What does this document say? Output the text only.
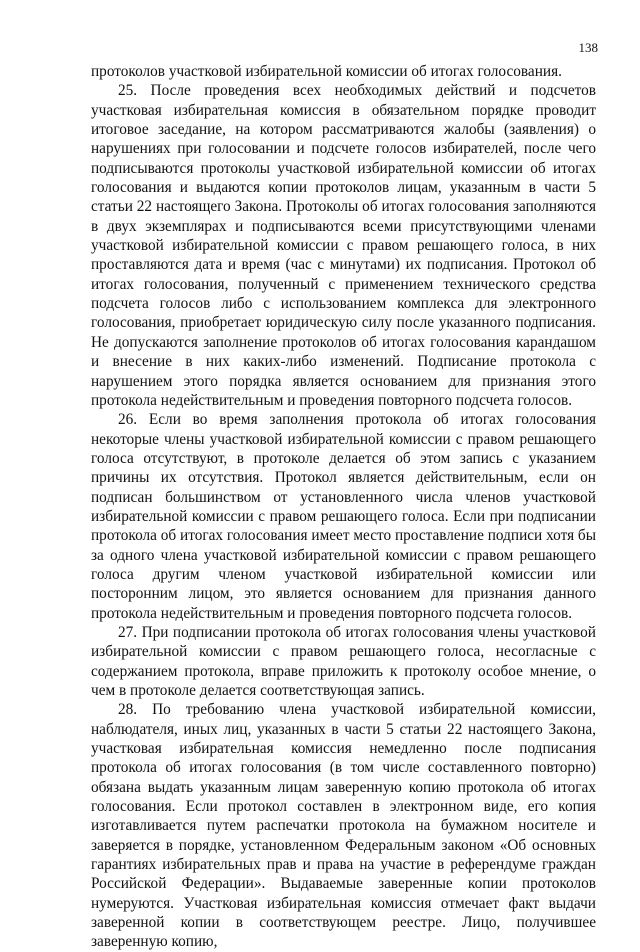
138

протоколов участковой избирательной комиссии об итогах голосования.

25. После проведения всех необходимых действий и подсчетов участковая избирательная комиссия в обязательном порядке проводит итоговое заседание, на котором рассматриваются жалобы (заявления) о нарушениях при голосовании и подсчете голосов избирателей, после чего подписываются протоколы участковой избирательной комиссии об итогах голосования и выдаются копии протоколов лицам, указанным в части 5 статьи 22 настоящего Закона. Протоколы об итогах голосования заполняются в двух экземплярах и подписываются всеми присутствующими членами участковой избирательной комиссии с правом решающего голоса, в них проставляются дата и время (час с минутами) их подписания. Протокол об итогах голосования, полученный с применением технического средства подсчета голосов либо с использованием комплекса для электронного голосования, приобретает юридическую силу после указанного подписания. Не допускаются заполнение протоколов об итогах голосования карандашом и внесение в них каких-либо изменений. Подписание протокола с нарушением этого порядка является основанием для признания этого протокола недействительным и проведения повторного подсчета голосов.

26. Если во время заполнения протокола об итогах голосования некоторые члены участковой избирательной комиссии с правом решающего голоса отсутствуют, в протоколе делается об этом запись с указанием причины их отсутствия. Протокол является действительным, если он подписан большинством от установленного числа членов участковой избирательной комиссии с правом решающего голоса. Если при подписании протокола об итогах голосования имеет место проставление подписи хотя бы за одного члена участковой избирательной комиссии с правом решающего голоса другим членом участковой избирательной комиссии или посторонним лицом, это является основанием для признания данного протокола недействительным и проведения повторного подсчета голосов.

27. При подписании протокола об итогах голосования члены участковой избирательной комиссии с правом решающего голоса, несогласные с содержанием протокола, вправе приложить к протоколу особое мнение, о чем в протоколе делается соответствующая запись.

28. По требованию члена участковой избирательной комиссии, наблюдателя, иных лиц, указанных в части 5 статьи 22 настоящего Закона, участковая избирательная комиссия немедленно после подписания протокола об итогах голосования (в том числе составленного повторно) обязана выдать указанным лицам заверенную копию протокола об итогах голосования. Если протокол составлен в электронном виде, его копия изготавливается путем распечатки протокола на бумажном носителе и заверяется в порядке, установленном Федеральным законом «Об основных гарантиях избирательных прав и права на участие в референдуме граждан Российской Федерации». Выдаваемые заверенные копии протоколов нумеруются. Участковая избирательная комиссия отмечает факт выдачи заверенной копии в соответствующем реестре. Лицо, получившее заверенную копию,
